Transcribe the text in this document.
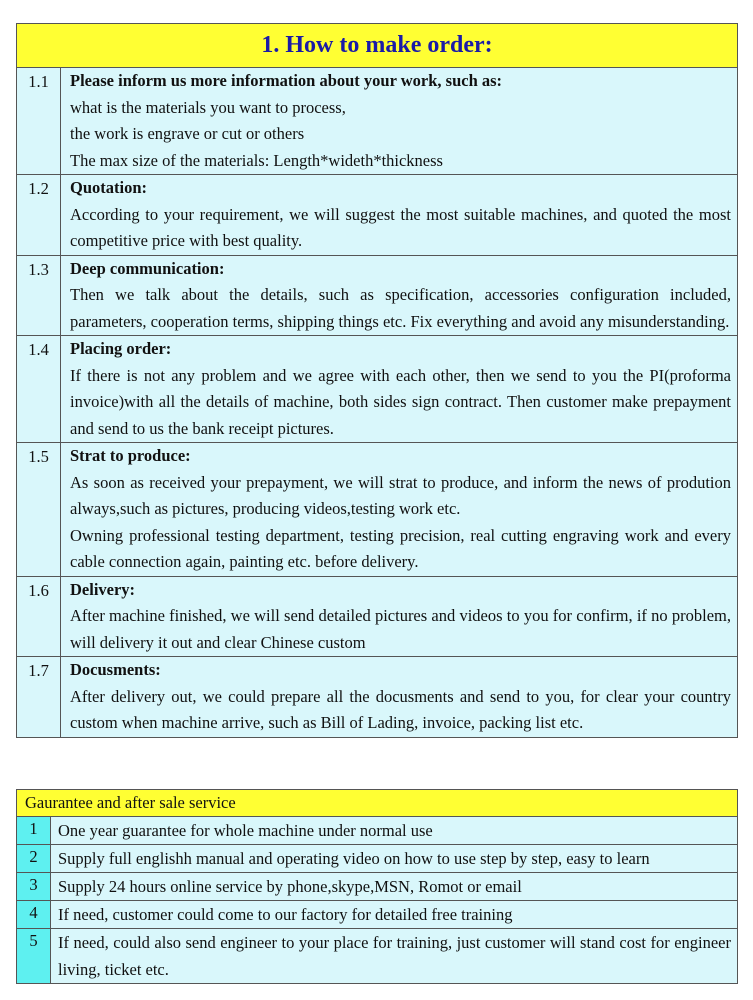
1. How to make order:	
1.1	Please inform us more information about your work, such as:
what is the materials you want to process,
the work is engrave or cut or others
The max size of the materials: Length*wideth*thickness

1.2	Quotation:
According to your requirement, we will suggest the most suitable machines, and quoted the most competitive price with best quality.

1.3	Deep communication:
Then we talk about the details, such as specification, accessories configuration included, parameters, cooperation terms, shipping things etc. Fix everything and avoid any misunderstanding.

1.4	Placing order:
If there is not any problem and we agree with each other, then we send to you the PI(proforma invoice)with all the details of machine, both sides sign contract. Then customer make prepayment and send to us the bank receipt pictures.

1.5	Strat to produce:
As soon as received your prepayment, we will strat to produce, and inform the news of prodution always,such as pictures, producing videos,testing work etc.
Owning professional testing department, testing precision, real cutting engraving work and every cable connection again, painting etc. before delivery.

1.6	Delivery:
After machine finished, we will send detailed pictures and videos to you for confirm, if no problem, will delivery it out and clear Chinese custom

1.7	Docusments:
After delivery out, we could prepare all the docusments and send to you, for clear your country custom when machine arrive, such as Bill of Lading, invoice, packing list etc.
Gaurantee and after sale service	
1	One year guarantee for whole machine under normal use
2	Supply full englishh manual and operating video on how to use step by step, easy to learn
3	Supply 24 hours online service by phone,skype,MSN, Romot or email
4	If need, customer could come to our factory for detailed free training
5	If need, could also send engineer to your place for training, just customer will stand cost for engineer living, ticket etc.
